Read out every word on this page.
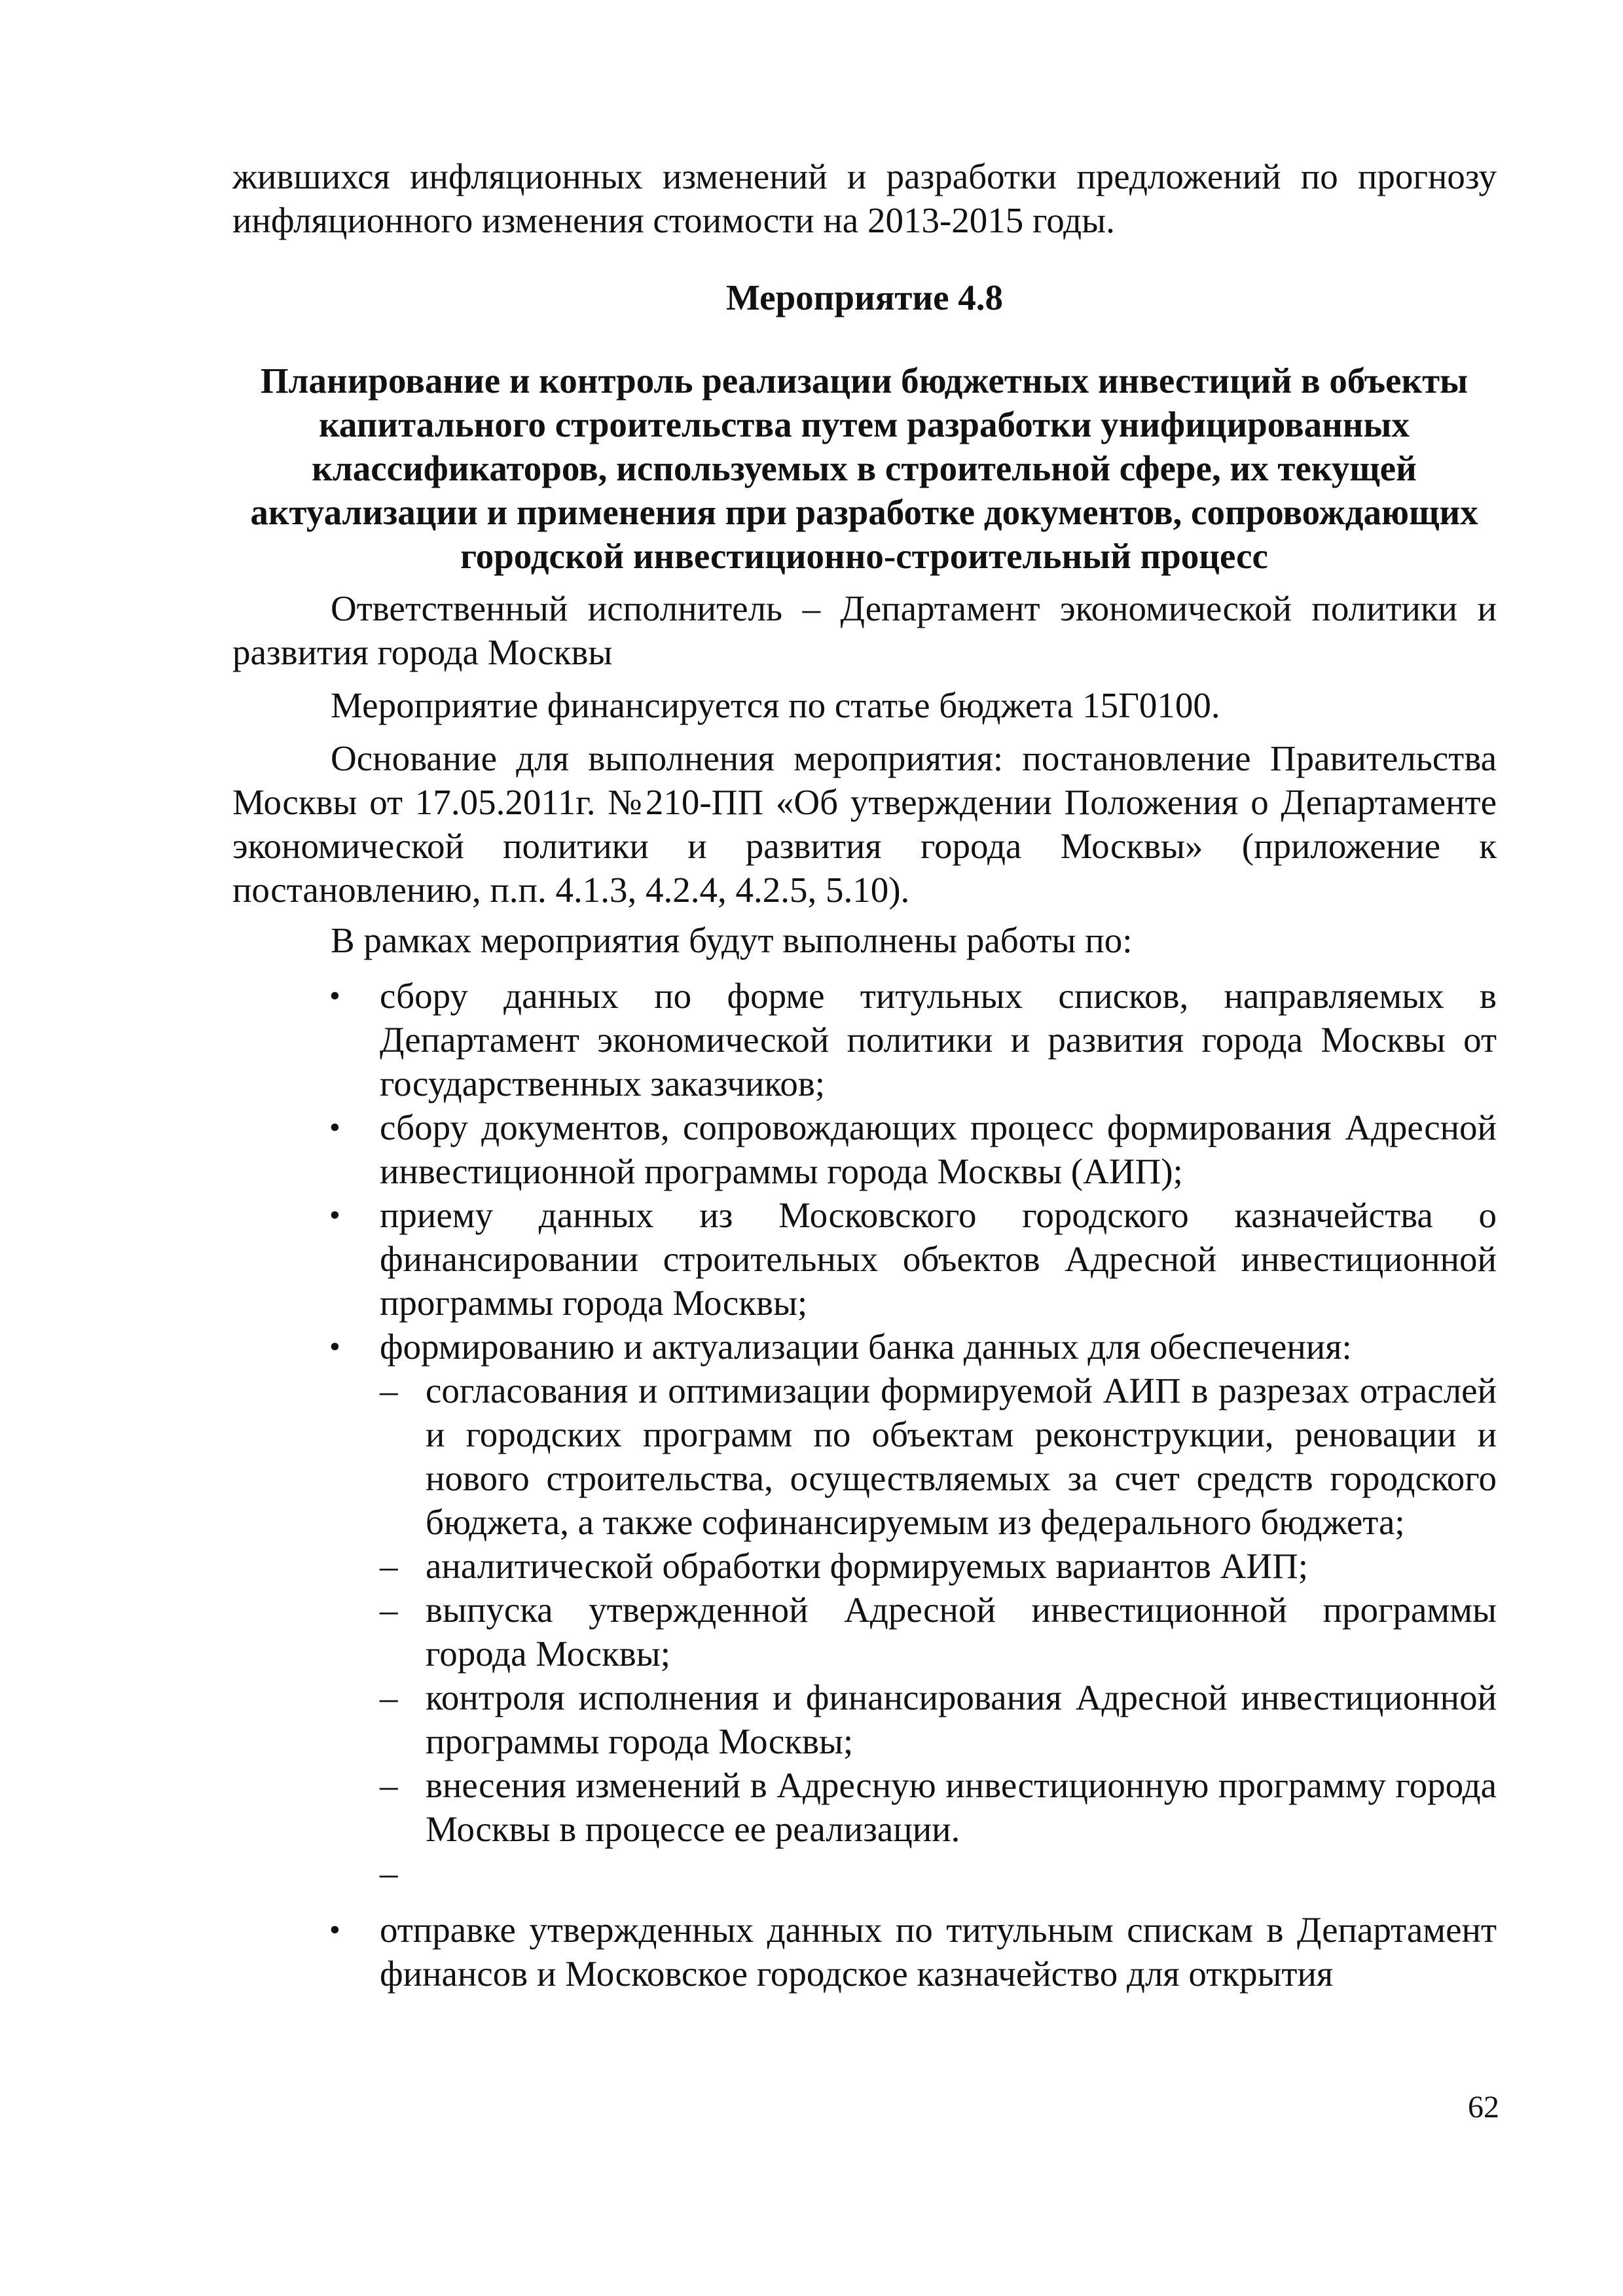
жившихся инфляционных изменений и разработки предложений по прогнозу инфляционного изменения стоимости на 2013-2015 годы.
Мероприятие 4.8
Планирование и контроль реализации бюджетных инвестиций в объекты капитального строительства путем разработки унифицированных классификаторов, используемых в строительной сфере, их текущей актуализации и применения при разработке документов, сопровождающих городской инвестиционно-строительный процесс
Ответственный исполнитель – Департамент экономической политики и развития города Москвы
Мероприятие финансируется по статье бюджета 15Г0100.
Основание для выполнения мероприятия: постановление Правительства Москвы от 17.05.2011г. №210-ПП «Об утверждении Положения о Департаменте экономической политики и развития города Москвы» (приложение к постановлению, п.п. 4.1.3, 4.2.4, 4.2.5, 5.10).
В рамках мероприятия будут выполнены работы по:
• сбору данных по форме титульных списков, направляемых в Департамент экономической политики и развития города Москвы от государственных заказчиков;
• сбору документов, сопровождающих процесс формирования Адресной инвестиционной программы города Москвы (АИП);
• приему данных из Московского городского казначейства о финансировании строительных объектов Адресной инвестиционной программы города Москвы;
• формированию и актуализации банка данных для обеспечения:
– согласования и оптимизации формируемой АИП в разрезах отраслей и городских программ по объектам реконструкции, реновации и нового строительства, осуществляемых за счет средств городского бюджета, а также софинансируемым из федерального бюджета;
– аналитической обработки формируемых вариантов АИП;
– выпуска утвержденной Адресной инвестиционной программы города Москвы;
– контроля исполнения и финансирования Адресной инвестиционной программы города Москвы;
– внесения изменений в Адресную инвестиционную программу города Москвы в процессе ее реализации.
–
• отправке утвержденных данных по титульным спискам в Департамент финансов и Московское городское казначейство для открытия
62
